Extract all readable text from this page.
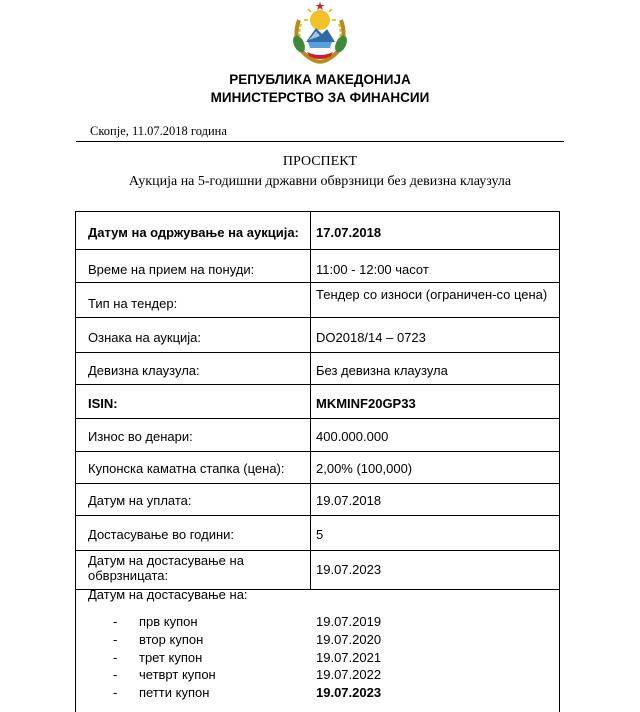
РЕПУБЛИКА МАКЕДОНИЈА
МИНИСТЕРСТВО ЗА ФИНАНСИИ
Скопје, 11.07.2018 година
ПРОСПЕКТ
Аукција на 5-годишни државни обврзници без девизна клаузула
Датум на одржување на аукција: 17.07.2018
Време на прием на понуди:	11:00 - 12:00 часот
Тип на тендер:
Тендер со износи (ограничен-со цена)
Ознака на аукција:	DO2018/14 – 0723
Девизна клаузула:	Без девизна клаузула
ISIN:	MKMINF20GP33
Износ во денари:	400.000.000
Купонска каматна стапка (цена): 2,00% (100,000)
Датум на уплата:	19.07.2018
Достасување во години:	5
Датум на достасување на обврзницата:	19.07.2023
Датум на достасување на:
- прв купон	19.07.2019
- втор купон	19.07.2020
- трет купон	19.07.2021
- четврт купон	19.07.2022
- петти купон	19.07.2023
